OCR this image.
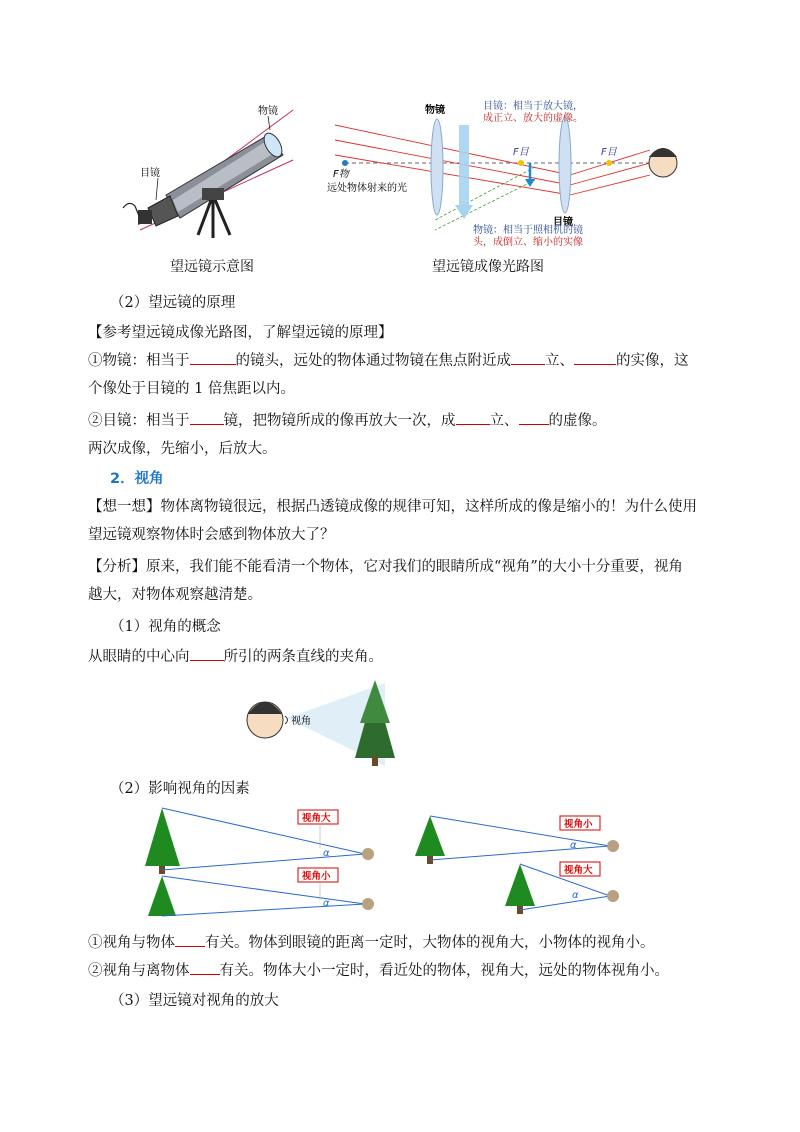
物镜
目镜
望远镜示意图
物镜
目镜
远处物体射来的光
F物
F目	F目
目镜：相当于放大镜，
成正立、放大的虚像。
物镜：相当于照相机的镜
头，成倒立、缩小的实像
望远镜成像光路图
（2）望远镜的原理
【参考望远镜成像光路图，了解望远镜的原理】
①物镜：相当于	的镜头，远处的物体通过物镜在焦点附近成 立、	的实像，这
个像处于目镜的 1 倍焦距以内。
②目镜：相当于 镜，把物镜所成的像再放大一次，成 立、 的虚像。
两次成像，先缩小，后放大。
2．视角
【想一想】物体离物镜很远，根据凸透镜成像的规律可知，这样所成的像是缩小的！为什么使用
望远镜观察物体时会感到物体放大了？
【分析】原来，我们能不能看清一个物体，它对我们的眼睛所成“视角”的大小十分重要，视角
越大，对物体观察越清楚。
（1）视角的概念
从眼睛的中心向 所引的两条直线的夹角。
视角
（2）影响视角的因素
视角大
α
视角小
α
视角小
α
视角大
α
①视角与物体 有关。物体到眼镜的距离一定时，大物体的视角大，小物体的视角小。
②视角与离物体 有关。物体大小一定时，看近处的物体，视角大，远处的物体视角小。
（3）望远镜对视角的放大
